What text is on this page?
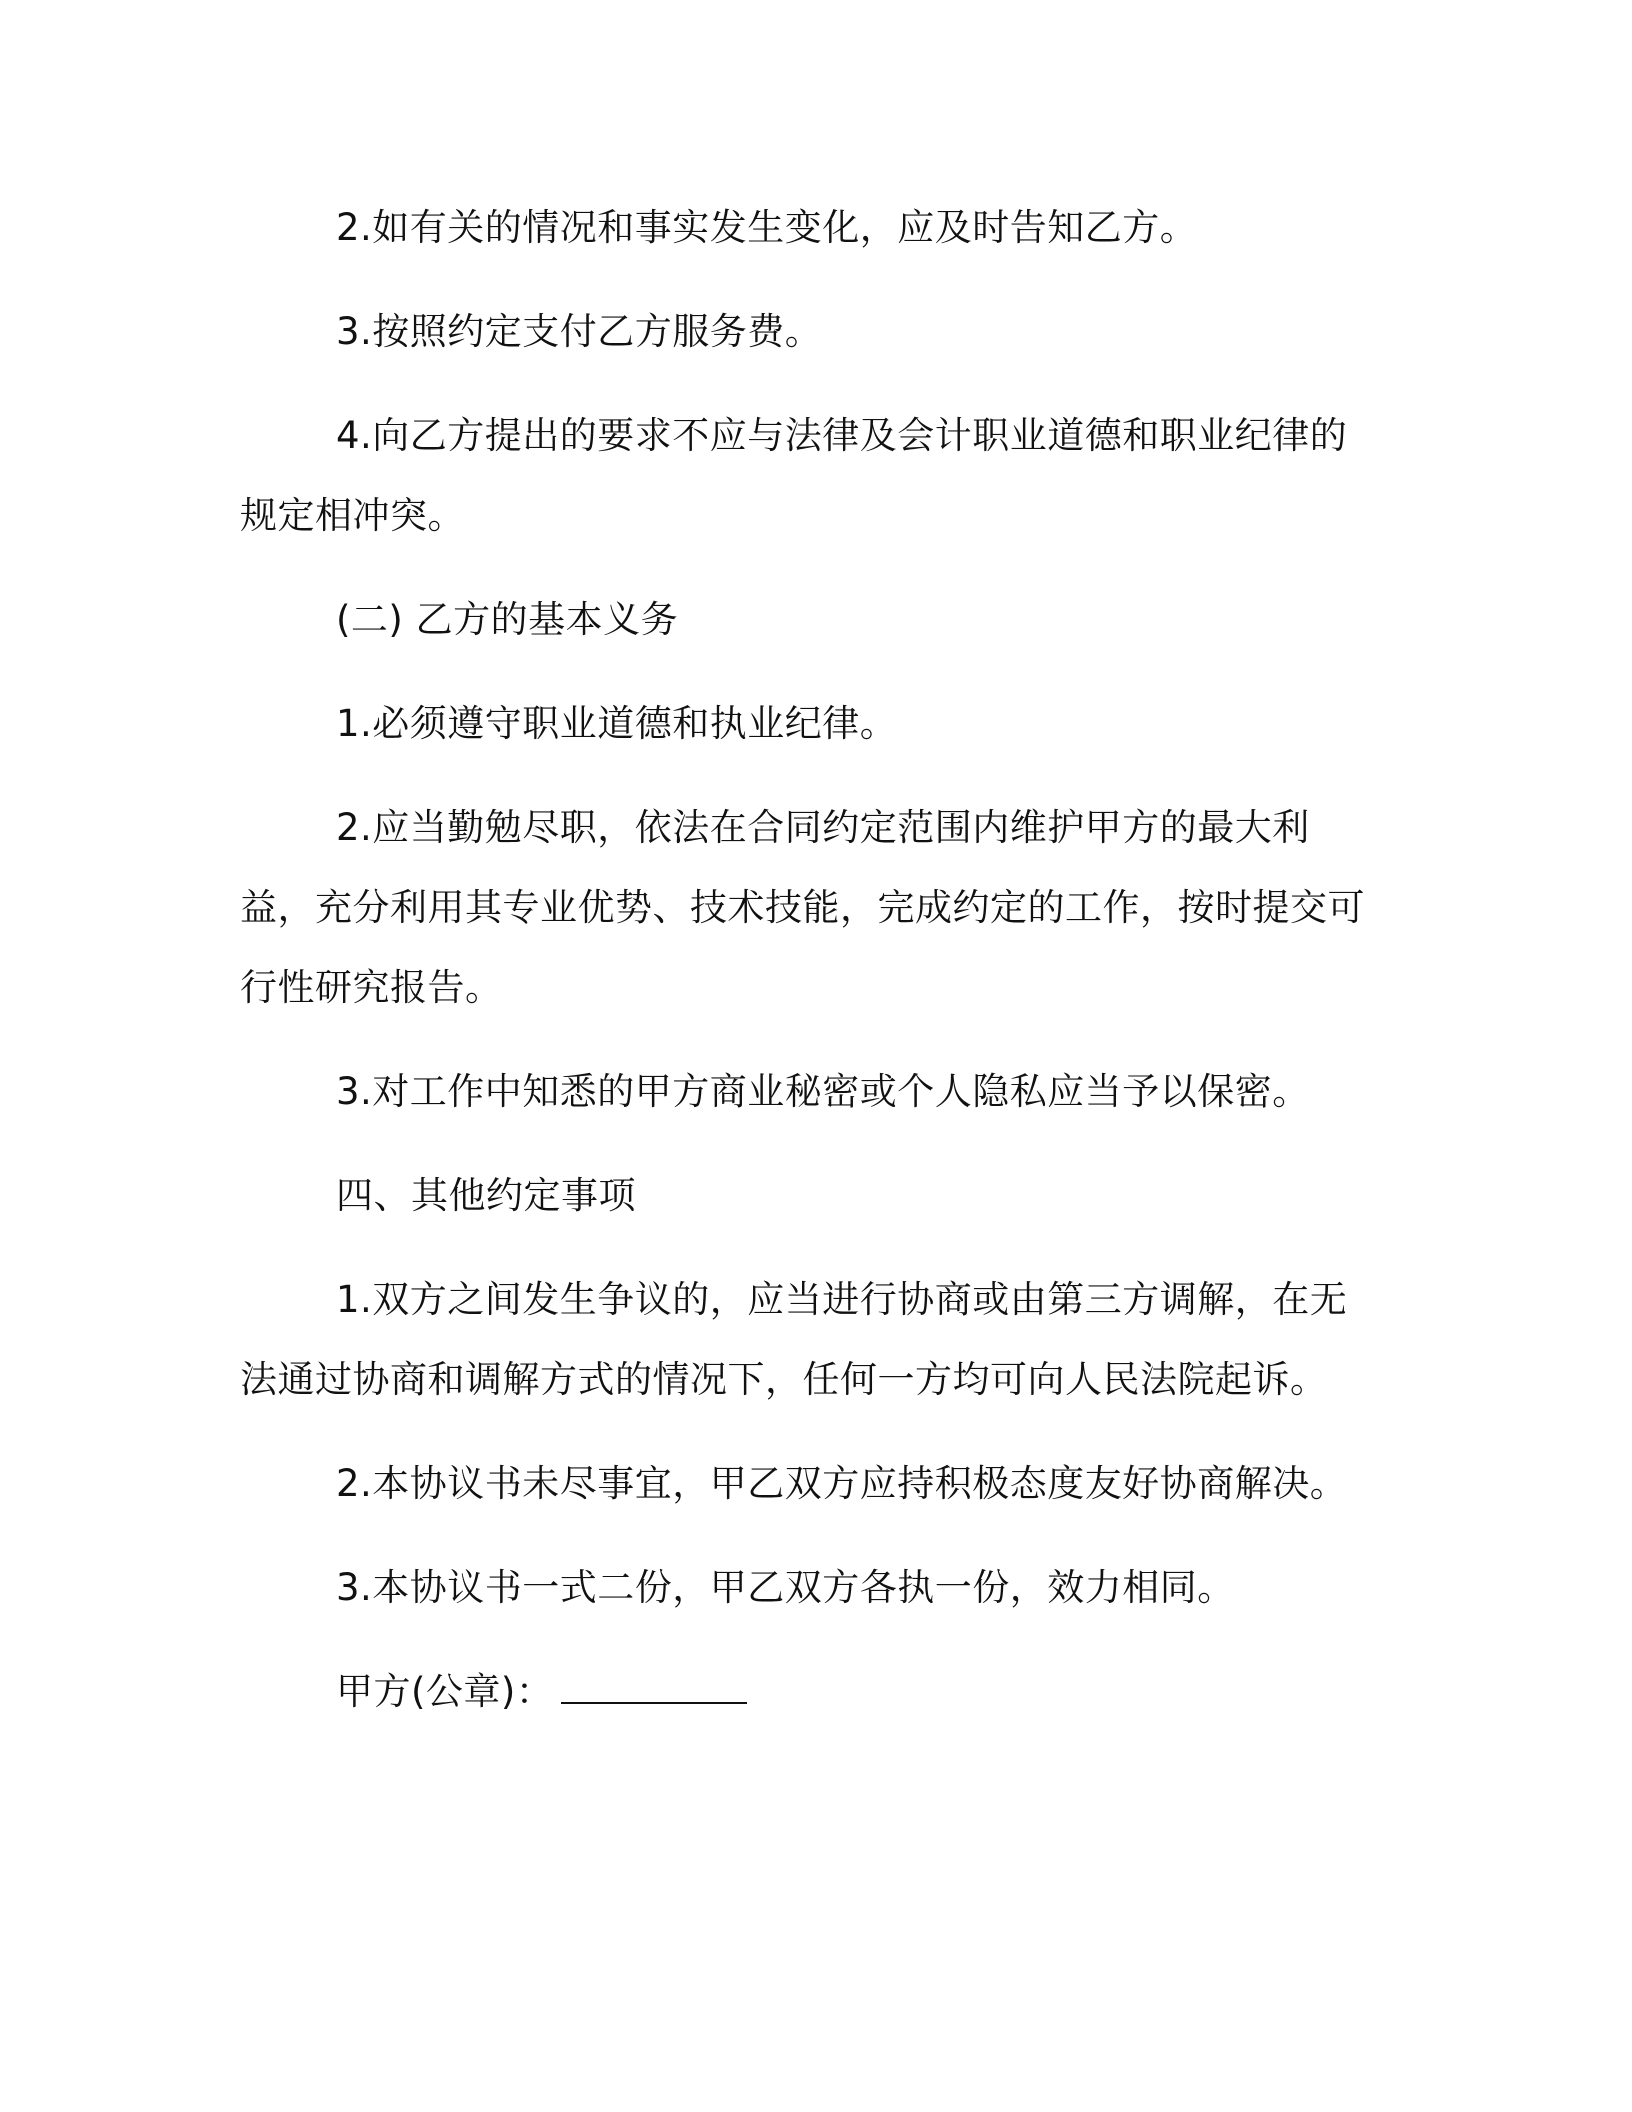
2.如有关的情况和事实发生变化，应及时告知乙方。

3.按照约定支付乙方服务费。

4.向乙方提出的要求不应与法律及会计职业道德和职业纪律的规定相冲突。

(二) 乙方的基本义务

1.必须遵守职业道德和执业纪律。

2.应当勤勉尽职，依法在合同约定范围内维护甲方的最大利益，充分利用其专业优势、技术技能，完成约定的工作，按时提交可行性研究报告。

3.对工作中知悉的甲方商业秘密或个人隐私应当予以保密。

四、其他约定事项

1.双方之间发生争议的，应当进行协商或由第三方调解，在无法通过协商和调解方式的情况下，任何一方均可向人民法院起诉。

2.本协议书未尽事宜，甲乙双方应持积极态度友好协商解决。

3.本协议书一式二份，甲乙双方各执一份，效力相同。

甲方(公章)：
